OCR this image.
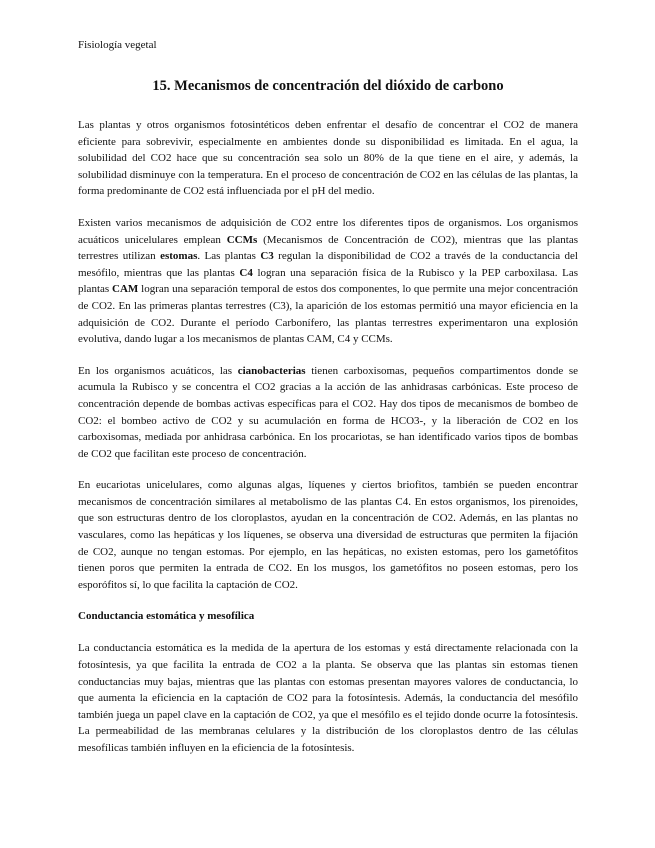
Fisiología vegetal

15. Mecanismos de concentración del dióxido de carbono

Las plantas y otros organismos fotosintéticos deben enfrentar el desafío de concentrar el CO2 de manera eficiente para sobrevivir, especialmente en ambientes donde su disponibilidad es limitada. En el agua, la solubilidad del CO2 hace que su concentración sea solo un 80% de la que tiene en el aire, y además, la solubilidad disminuye con la temperatura. En el proceso de concentración de CO2 en las células de las plantas, la forma predominante de CO2 está influenciada por el pH del medio.

Existen varios mecanismos de adquisición de CO2 entre los diferentes tipos de organismos. Los organismos acuáticos unicelulares emplean CCMs (Mecanismos de Concentración de CO2), mientras que las plantas terrestres utilizan estomas. Las plantas C3 regulan la disponibilidad de CO2 a través de la conductancia del mesófilo, mientras que las plantas C4 logran una separación física de la Rubisco y la PEP carboxilasa. Las plantas CAM logran una separación temporal de estos dos componentes, lo que permite una mejor concentración de CO2. En las primeras plantas terrestres (C3), la aparición de los estomas permitió una mayor eficiencia en la adquisición de CO2. Durante el período Carbonífero, las plantas terrestres experimentaron una explosión evolutiva, dando lugar a los mecanismos de plantas CAM, C4 y CCMs.

En los organismos acuáticos, las cianobacterias tienen carboxisomas, pequeños compartimentos donde se acumula la Rubisco y se concentra el CO2 gracias a la acción de las anhidrasas carbónicas. Este proceso de concentración depende de bombas activas específicas para el CO2. Hay dos tipos de mecanismos de bombeo de CO2: el bombeo activo de CO2 y su acumulación en forma de HCO3-, y la liberación de CO2 en los carboxisomas, mediada por anhidrasa carbónica. En los procariotas, se han identificado varios tipos de bombas de CO2 que facilitan este proceso de concentración.

En eucariotas unicelulares, como algunas algas, líquenes y ciertos briofitos, también se pueden encontrar mecanismos de concentración similares al metabolismo de las plantas C4. En estos organismos, los pirenoides, que son estructuras dentro de los cloroplastos, ayudan en la concentración de CO2. Además, en las plantas no vasculares, como las hepáticas y los líquenes, se observa una diversidad de estructuras que permiten la fijación de CO2, aunque no tengan estomas. Por ejemplo, en las hepáticas, no existen estomas, pero los gametófitos tienen poros que permiten la entrada de CO2. En los musgos, los gametófitos no poseen estomas, pero los esporófitos sí, lo que facilita la captación de CO2.

Conductancia estomática y mesofílica

La conductancia estomática es la medida de la apertura de los estomas y está directamente relacionada con la fotosíntesis, ya que facilita la entrada de CO2 a la planta. Se observa que las plantas sin estomas tienen conductancias muy bajas, mientras que las plantas con estomas presentan mayores valores de conductancia, lo que aumenta la eficiencia en la captación de CO2 para la fotosíntesis. Además, la conductancia del mesófilo también juega un papel clave en la captación de CO2, ya que el mesófilo es el tejido donde ocurre la fotosíntesis. La permeabilidad de las membranas celulares y la distribución de los cloroplastos dentro de las células mesofílicas también influyen en la eficiencia de la fotosíntesis.
